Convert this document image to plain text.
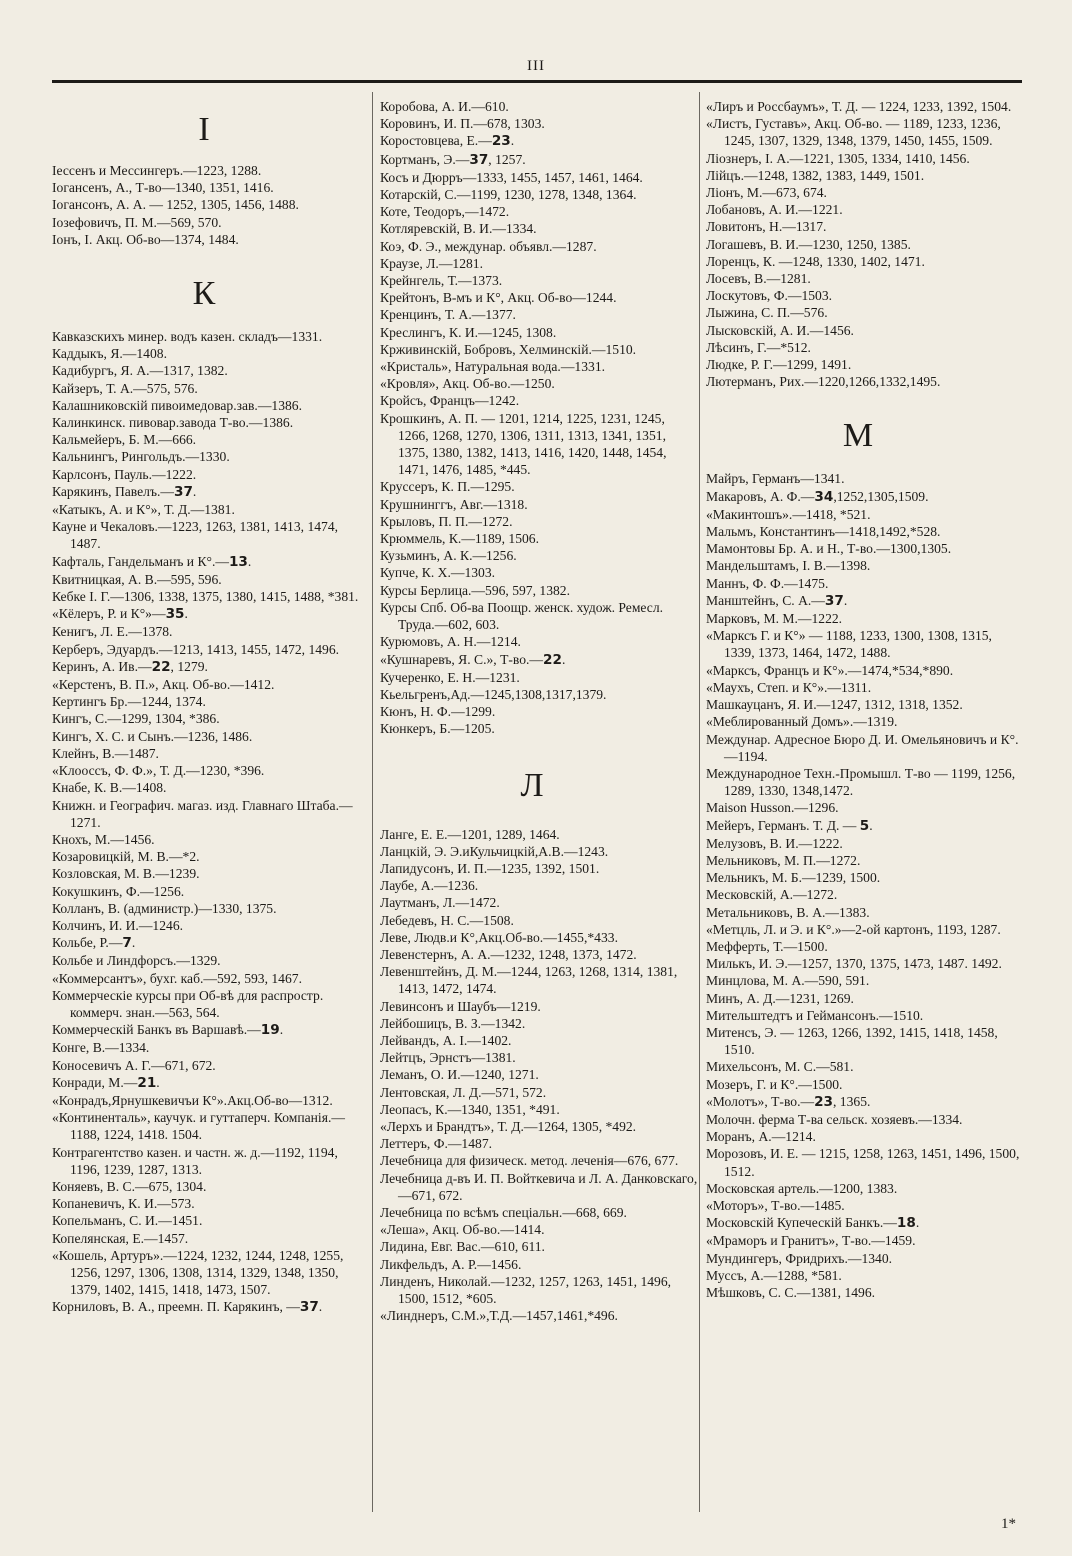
III
I
Iессенъ и Мессингеръ.—1223, 1288.
Iогансенъ, А., Т-во—1340, 1351, 1416.
Iогансонъ, А. А. — 1252, 1305, 1456, 1488.
Iозефовичъ, П. М.—569, 570.
Iонъ, I. Акц. Об-во—1374, 1484.
К
Кавказскихъ минер. водъ казен. складъ—1331.
Каддыкъ, Я.—1408.
Кадибургъ, Я. А.—1317, 1382.
Кайзеръ, Т. А.—575, 576.
Калашниковскій пивоимедовар.зав.—1386.
Калинкинск. пивовар.завода Т-во.—1386.
Кальмейеръ, Б. М.—666.
Кальнингъ, Рингольдъ.—1330.
Карлсонъ, Пауль.—1222.
Карякинъ, Павелъ.—37.
«Катыкъ, А. и К°», Т. Д.—1381.
Кауне и Чекаловъ.—1223, 1263, 1381, 1413, 1474, 1487.
Кафталь, Гандельманъ и К°.—13.
Квитницкая, А. В.—595, 596.
Кебке I. Г.—1306, 1338, 1375, 1380, 1415, 1488, *381.
«Кёлеръ, Р. и К°»—35.
Кенигъ, Л. Е.—1378.
Керберъ, Эдуардъ.—1213, 1413, 1455, 1472, 1496.
Керинъ, А. Ив.—22, 1279.
«Керстенъ, В. П.», Акц. Об-во.—1412.
Кертингъ Бр.—1244, 1374.
Кингъ, С.—1299, 1304, *386.
Кингъ, Х. С. и Сынъ.—1236, 1486.
Клейнъ, В.—1487.
«Клооссъ, Ф. Ф.», Т. Д.—1230, *396.
Кнабе, К. В.—1408.
Книжн. и Географич. магаз. изд. Главнаго Штаба.—1271.
Кнохъ, М.—1456.
Козаровицкій, М. В.—*2.
Козловская, М. В.—1239.
Кокушкинъ, Ф.—1256.
Колланъ, В. (администр.)—1330, 1375.
Колчинъ, И. И.—1246.
Кольбе, Р.—7.
Кольбе и Линдфорсъ.—1329.
«Коммерсантъ», бухг. каб.—592, 593, 1467.
Коммерческіе курсы при Об-вѣ для распростр. коммерч. знан.—563, 564.
Коммерческій Банкъ въ Варшавѣ.—19.
Конге, В.—1334.
Коносевичъ А. Г.—671, 672.
Конради, М.—21.
«Конрадъ,Ярнушкевичъи К°».Акц.Об-во—1312.
«Континенталь», каучук. и гуттаперч. Компанія.—1188, 1224, 1418. 1504.
Контрагентство казен. и частн. ж. д.—1192, 1194, 1196, 1239, 1287, 1313.
Коняевъ, В. С.—675, 1304.
Копаневичъ, К. И.—573.
Копельманъ, С. И.—1451.
Копелянская, Е.—1457.
«Кошель, Артуръ».—1224, 1232, 1244, 1248, 1255, 1256, 1297, 1306, 1308, 1314, 1329, 1348, 1350, 1379, 1402, 1415, 1418, 1473, 1507.
Корниловъ, В. А., преемн. П. Карякинъ, —37.
Коробова, А. И.—610.
Коровинъ, И. П.—678, 1303.
Коростовцева, Е.—23.
Кортманъ, Э.—37, 1257.
Косъ и Дюрръ—1333, 1455, 1457, 1461, 1464.
Котарскій, С.—1199, 1230, 1278, 1348, 1364.
Коте, Теодоръ,—1472.
Котляревскій, В. И.—1334.
Коэ, Ф. Э., междунар. объявл.—1287.
Краузе, Л.—1281.
Крейнгель, Т.—1373.
Крейтонъ, В-мъ и К°, Акц. Об-во—1244.
Кренцинъ, Т. А.—1377.
Креслингъ, К. И.—1245, 1308.
Крживинскій, Бобровъ, Хелминскій.—1510.
«Кристаль», Натуральная вода.—1331.
«Кровля», Акц. Об-во.—1250.
Кройсъ, Францъ—1242.
Крошкинъ, А. П. — 1201, 1214, 1225, 1231, 1245, 1266, 1268, 1270, 1306, 1311, 1313, 1341, 1351, 1375, 1380, 1382, 1413, 1416, 1420, 1448, 1454, 1471, 1476, 1485, *445.
Круссеръ, К. П.—1295.
Крушнинггъ, Авг.—1318.
Крыловъ, П. П.—1272.
Крюммель, К.—1189, 1506.
Кузьминъ, А. К.—1256.
Купче, К. Х.—1303.
Курсы Берлица.—596, 597, 1382.
Курсы Спб. Об-ва Поощр. женск. худож. Ремесл. Труда.—602, 603.
Курюмовъ, А. Н.—1214.
«Кушнаревъ, Я. С.», Т-во.—22.
Кучеренко, Е. Н.—1231.
Кьельгренъ,Ад.—1245,1308,1317,1379.
Кюнъ, Н. Ф.—1299.
Кюнкеръ, Б.—1205.
Л
Ланге, Е. Е.—1201, 1289, 1464.
Ланцкій, Э. Э.иКульчицкій,А.В.—1243.
Лапидусонъ, И. П.—1235, 1392, 1501.
Лаубе, А.—1236.
Лаутманъ, Л.—1472.
Лебедевъ, Н. С.—1508.
Леве, Людв.и К°,Акц.Об-во.—1455,*433.
Левенстернъ, А. А.—1232, 1248, 1373, 1472.
Левенштейнъ, Д. М.—1244, 1263, 1268, 1314, 1381, 1413, 1472, 1474.
Левинсонъ и Шаубъ—1219.
Лейбошицъ, В. З.—1342.
Лейвандъ, А. I.—1402.
Лейтцъ, Эрнстъ—1381.
Леманъ, О. И.—1240, 1271.
Лентовская, Л. Д.—571, 572.
Леопасъ, К.—1340, 1351, *491.
«Лерхъ и Брандтъ», Т. Д.—1264, 1305, *492.
Леттеръ, Ф.—1487.
Лечебница для физическ. метод. леченія—676, 677.
Лечебница д-въ И. П. Войткевича и Л. А. Данковскаго,—671, 672.
Лечебница по всѣмъ спеціальн.—668, 669.
«Леша», Акц. Об-во.—1414.
Лидина, Евг. Вас.—610, 611.
Ликфельдъ, А. Р.—1456.
Линденъ, Николай.—1232, 1257, 1263, 1451, 1496, 1500, 1512, *605.
«Линднеръ, С.М.»,Т.Д.—1457,1461,*496.
«Лиръ и Россбаумъ», Т. Д. — 1224, 1233, 1392, 1504.
«Листъ, Густавъ», Акц. Об-во. — 1189, 1233, 1236, 1245, 1307, 1329, 1348, 1379, 1450, 1455, 1509.
Ліознеръ, I. А.—1221, 1305, 1334, 1410, 1456.
Лійцъ.—1248, 1382, 1383, 1449, 1501.
Ліонъ, М.—673, 674.
Лобановъ, А. И.—1221.
Ловитонъ, Н.—1317.
Логашевъ, В. И.—1230, 1250, 1385.
Лоренцъ, К. —1248, 1330, 1402, 1471.
Лосевъ, В.—1281.
Лоскутовъ, Ф.—1503.
Лыжина, С. П.—576.
Лысковскій, А. И.—1456.
Лѣсинъ, Г.—*512.
Людке, Р. Г.—1299, 1491.
Лютерманъ, Рих.—1220,1266,1332,1495.
М
Майръ, Германъ—1341.
Макаровъ, А. Ф.—34,1252,1305,1509.
«Макинтошъ».—1418, *521.
Мальмъ, Константинъ—1418,1492,*528.
Мамонтовы Бр. А. и Н., Т-во.—1300,1305.
Мандельштамъ, I. В.—1398.
Маннъ, Ф. Ф.—1475.
Манштейнъ, С. А.—37.
Марковъ, М. М.—1222.
«Марксъ Г. и К°» — 1188, 1233, 1300, 1308, 1315, 1339, 1373, 1464, 1472, 1488.
«Марксъ, Францъ и К°».—1474,*534,*890.
«Маухъ, Степ. и К°».—1311.
Машкауцанъ, Я. И.—1247, 1312, 1318, 1352.
«Меблированный Домъ».—1319.
Междунар. Адресное Бюро Д. И. Омельяновичъ и К°.—1194.
Международное Техн.-Промышл. Т-во — 1199, 1256, 1289, 1330, 1348,1472.
Maison Husson.—1296.
Мейеръ, Германъ. Т. Д. — 5.
Мелузовъ, В. И.—1222.
Мельниковъ, М. П.—1272.
Мельникъ, М. Б.—1239, 1500.
Месковскій, А.—1272.
Метальниковъ, В. А.—1383.
«Метцль, Л. и Э. и К°.»—2-ой картонъ, 1193, 1287.
Мефферть, Т.—1500.
Милькъ, И. Э.—1257, 1370, 1375, 1473, 1487. 1492.
Минцлова, М. А.—590, 591.
Минъ, А. Д.—1231, 1269.
Мительштедтъ и Геймансонъ.—1510.
Митенсъ, Э. — 1263, 1266, 1392, 1415, 1418, 1458, 1510.
Михельсонъ, М. С.—581.
Мозеръ, Г. и К°.—1500.
«Молотъ», Т-во.—23, 1365.
Молочн. ферма Т-ва сельск. хозяевъ.—1334.
Моранъ, А.—1214.
Морозовъ, И. Е. — 1215, 1258, 1263, 1451, 1496, 1500, 1512.
Московская артель.—1200, 1383.
«Моторъ», Т-во.—1485.
Московскій Купеческій Банкъ.—18.
«Мраморъ и Гранитъ», Т-во.—1459.
Мундингеръ, Фридрихъ.—1340.
Муссъ, А.—1288, *581.
Мѣшковъ, С. С.—1381, 1496.
1*
